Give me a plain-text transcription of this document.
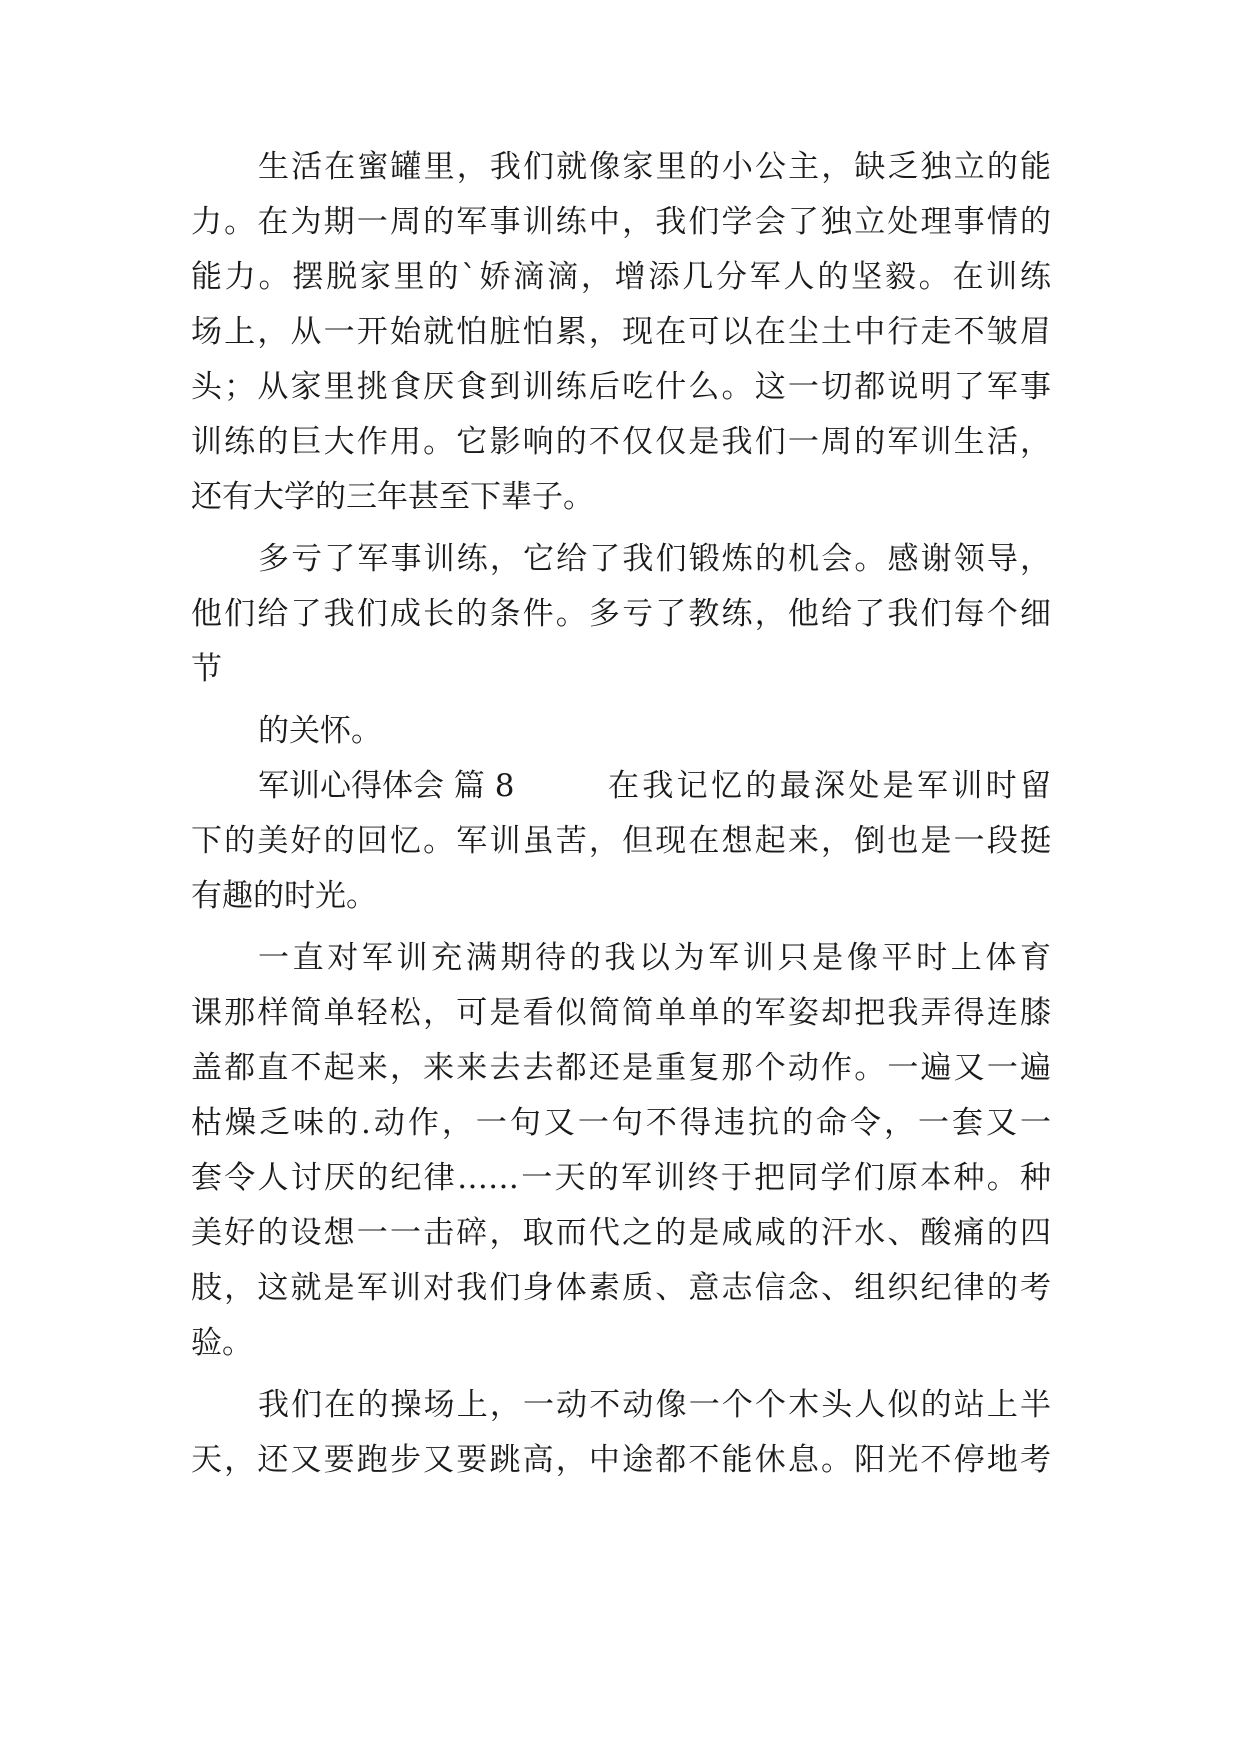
生活在蜜罐里，我们就像家里的小公主，缺乏独立的能

力。在为期一周的军事训练中，我们学会了独立处理事情的

能力。摆脱家里的`娇滴滴，增添几分军人的坚毅。在训练

场上，从一开始就怕脏怕累，现在可以在尘土中行走不皱眉

头；从家里挑食厌食到训练后吃什么。这一切都说明了军事

训练的巨大作用。它影响的不仅仅是我们一周的军训生活，

还有大学的三年甚至下辈子。

多亏了军事训练，它给了我们锻炼的机会。感谢领导，

他们给了我们成长的条件。多亏了教练，他给了我们每个细

节

的关怀。

军训心得体会 篇 8	在我记忆的最深处是军训时留

下的美好的回忆。军训虽苦，但现在想起来，倒也是一段挺

有趣的时光。

一直对军训充满期待的我以为军训只是像平时上体育

课那样简单轻松，可是看似简简单单的军姿却把我弄得连膝

盖都直不起来，来来去去都还是重复那个动作。一遍又一遍

枯燥乏味的.动作，一句又一句不得违抗的命令，一套又一

套令人讨厌的纪律……一天的军训终于把同学们原本种。种

美好的设想一一击碎，取而代之的是咸咸的汗水、酸痛的四

肢，这就是军训对我们身体素质、意志信念、组织纪律的考

验。

我们在的操场上，一动不动像一个个木头人似的站上半

天，还又要跑步又要跳高，中途都不能休息。阳光不停地考
